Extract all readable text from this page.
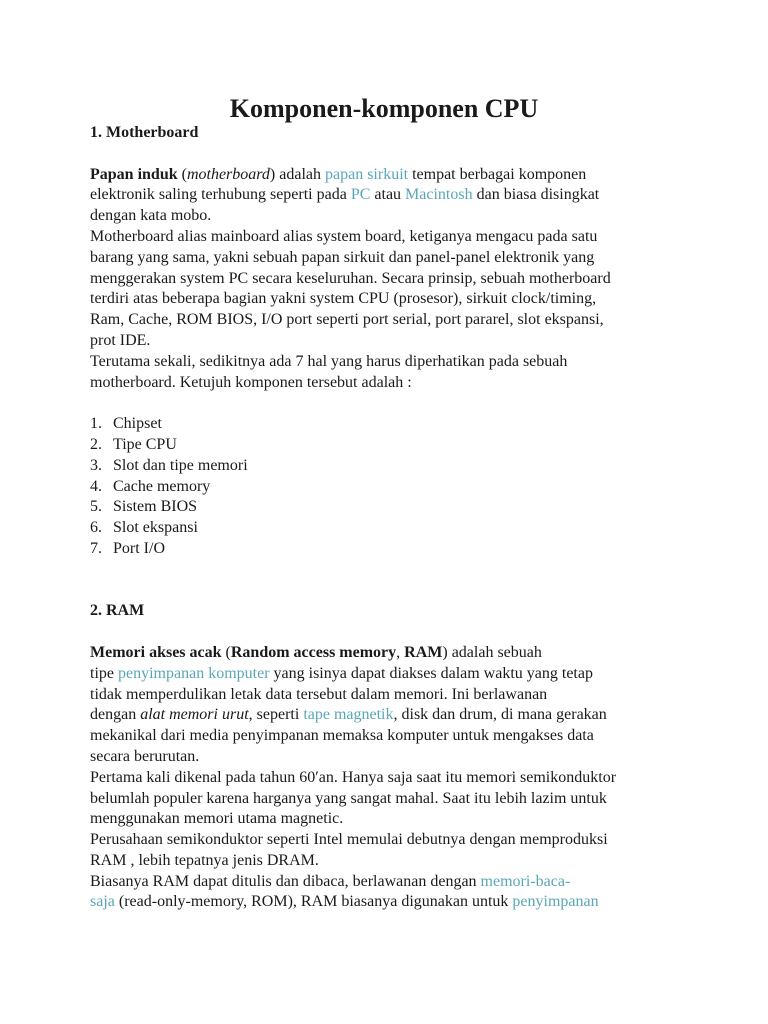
Komponen-komponen CPU
1. Motherboard
Papan induk (motherboard) adalah papan sirkuit tempat berbagai komponen
elektronik saling terhubung seperti pada PC atau Macintosh dan biasa disingkat
dengan kata mobo.
Motherboard alias mainboard alias system board, ketiganya mengacu pada satu
barang yang sama, yakni sebuah papan sirkuit dan panel-panel elektronik yang
menggerakan system PC secara keseluruhan. Secara prinsip, sebuah motherboard
terdiri atas beberapa bagian yakni system CPU (prosesor), sirkuit clock/timing,
Ram, Cache, ROM BIOS, I/O port seperti port serial, port pararel, slot ekspansi,
prot IDE.
Terutama sekali, sedikitnya ada 7 hal yang harus diperhatikan pada sebuah
motherboard. Ketujuh komponen tersebut adalah :
1. Chipset
2. Tipe CPU
3. Slot dan tipe memori
4. Cache memory
5. Sistem BIOS
6. Slot ekspansi
7. Port I/O
2. RAM
Memori akses acak (Random access memory, RAM) adalah sebuah
tipe penyimpanan komputer yang isinya dapat diakses dalam waktu yang tetap
tidak memperdulikan letak data tersebut dalam memori. Ini berlawanan
dengan alat memori urut, seperti tape magnetik, disk dan drum, di mana gerakan
mekanikal dari media penyimpanan memaksa komputer untuk mengakses data
secara berurutan.
Pertama kali dikenal pada tahun 60′an. Hanya saja saat itu memori semikonduktor
belumlah populer karena harganya yang sangat mahal. Saat itu lebih lazim untuk
menggunakan memori utama magnetic.
Perusahaan semikonduktor seperti Intel memulai debutnya dengan memproduksi
RAM , lebih tepatnya jenis DRAM.
Biasanya RAM dapat ditulis dan dibaca, berlawanan dengan memori-baca-
saja (read-only-memory, ROM), RAM biasanya digunakan untuk penyimpanan
